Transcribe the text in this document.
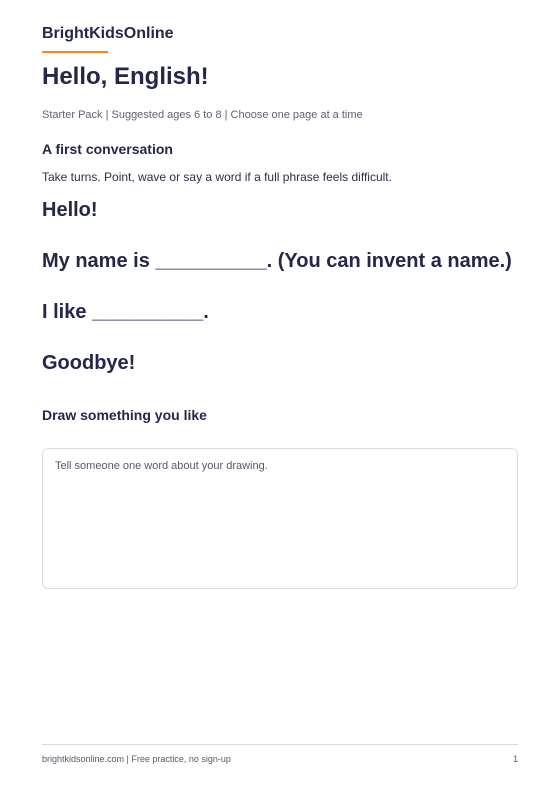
BrightKidsOnline
Hello, English!
Starter Pack | Suggested ages 6 to 8 | Choose one page at a time
A first conversation

Take turns. Point, wave or say a word if a full phrase feels difficult.

Hello!
My name is __________. (You can invent a name.)
I like __________.
Goodbye!
Draw something you like
Tell someone one word about your drawing.
brightkidsonline.com | Free practice, no sign-up	1
